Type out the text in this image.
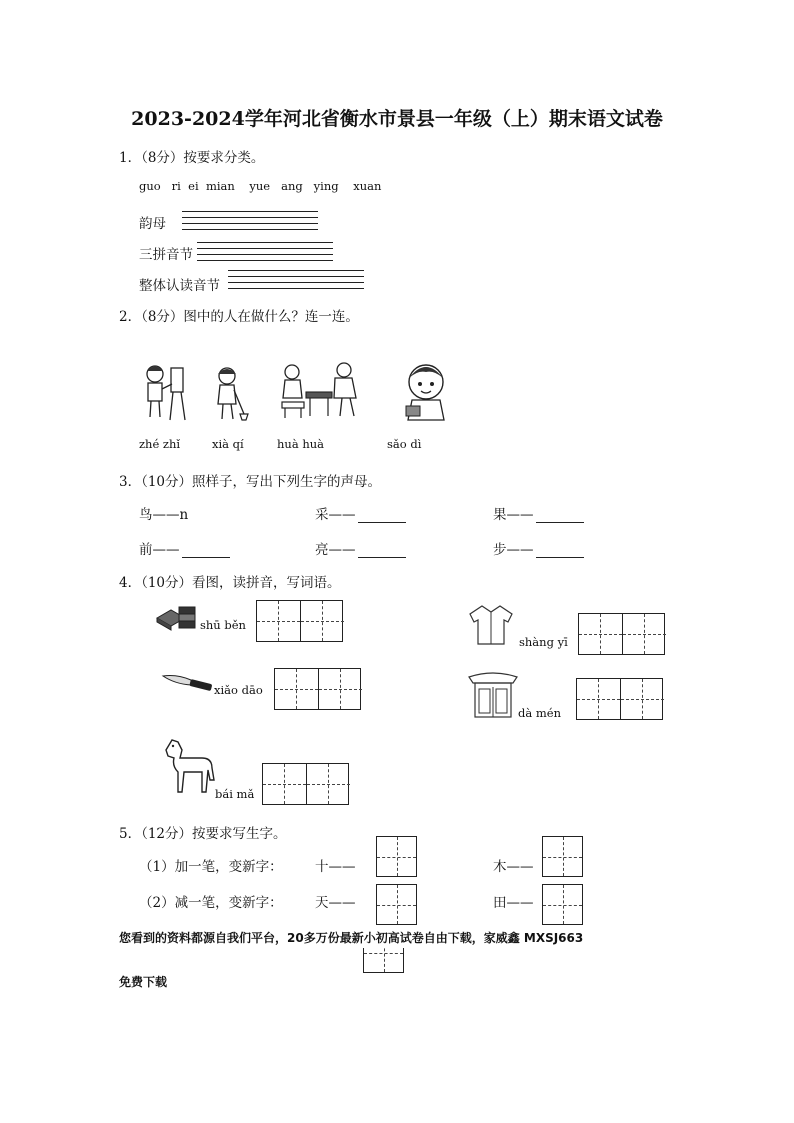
2023-2024学年河北省衡水市景县一年级（上）期末语文试卷
1．（8分）按要求分类。
guo   ri  ei  mian    yue   ang   ying    xuan
韵母
三拼音节
整体认读音节
2．（8分）图中的人在做什么？连一连。
zhé zhǐ	xià qí	huà huà	sǎo dì
3．（10分）照样子，写出下列生字的声母。
鸟——n	采——	果——
前——	亮——	步——
4．（10分）看图，读拼音，写词语。
shū běn
shàng yī
xiǎo dāo
dà mén
bái mǎ
5．（12分）按要求写生字。
（1）加一笔，变新字：
（2）减一笔，变新字：
十——	木——
天——	田——
您看到的资料都源自我们平台，20多万份最新小初高试卷自由下载，家威鑫 MXSJ663
免费下载
